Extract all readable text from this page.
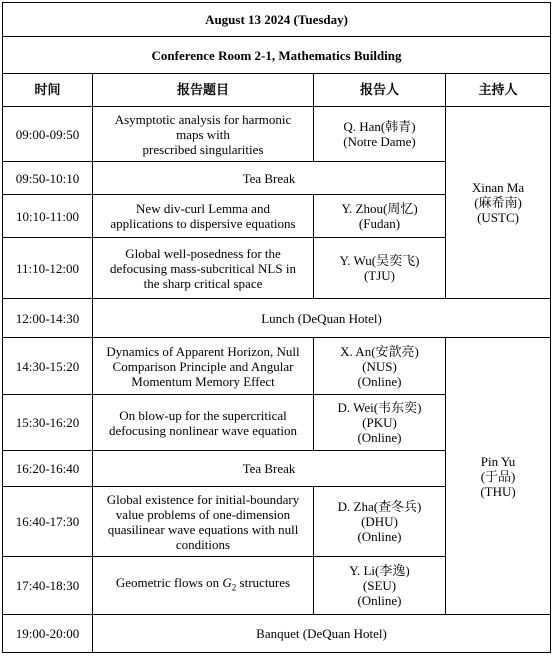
August 13 2024 (Tuesday)			
Conference Room 2-1, Mathematics Building			
时间	报告题目	报告人	主持人
09:00-09:50	Asymptotic analysis for harmonic
maps with
prescribed singularities	Q. Han(韩青)
(Notre Dame)	Xinan Ma
(麻希南)
(USTC)
09:50-10:10	Tea Break		
10:10-11:00	New div-curl Lemma and
applications to dispersive equations	Y. Zhou(周忆)
(Fudan)	
11:10-12:00	Global well-posedness for the
defocusing mass-subcritical NLS in
the sharp critical space	Y. Wu(吴奕飞)
(TJU)	
12:00-14:30	Lunch (DeQuan Hotel)		
14:30-15:20	Dynamics of Apparent Horizon, Null
Comparison Principle and Angular
Momentum Memory Effect	X. An(安歆亮)
(NUS)
(Online)	Pin Yu
(于品)
(THU)
15:30-16:20	On blow-up for the supercritical
defocusing nonlinear wave equation	D. Wei(韦东奕)
(PKU)
(Online)	
16:20-16:40	Tea Break		
16:40-17:30	Global existence for initial-boundary
value problems of one-dimension
quasilinear wave equations with null
conditions	D. Zha(查冬兵)
(DHU)
(Online)	
17:40-18:30	Geometric flows on $G_2$ structures	Y. Li(李逸)
(SEU)
(Online)	
19:00-20:00	Banquet (DeQuan Hotel)		
